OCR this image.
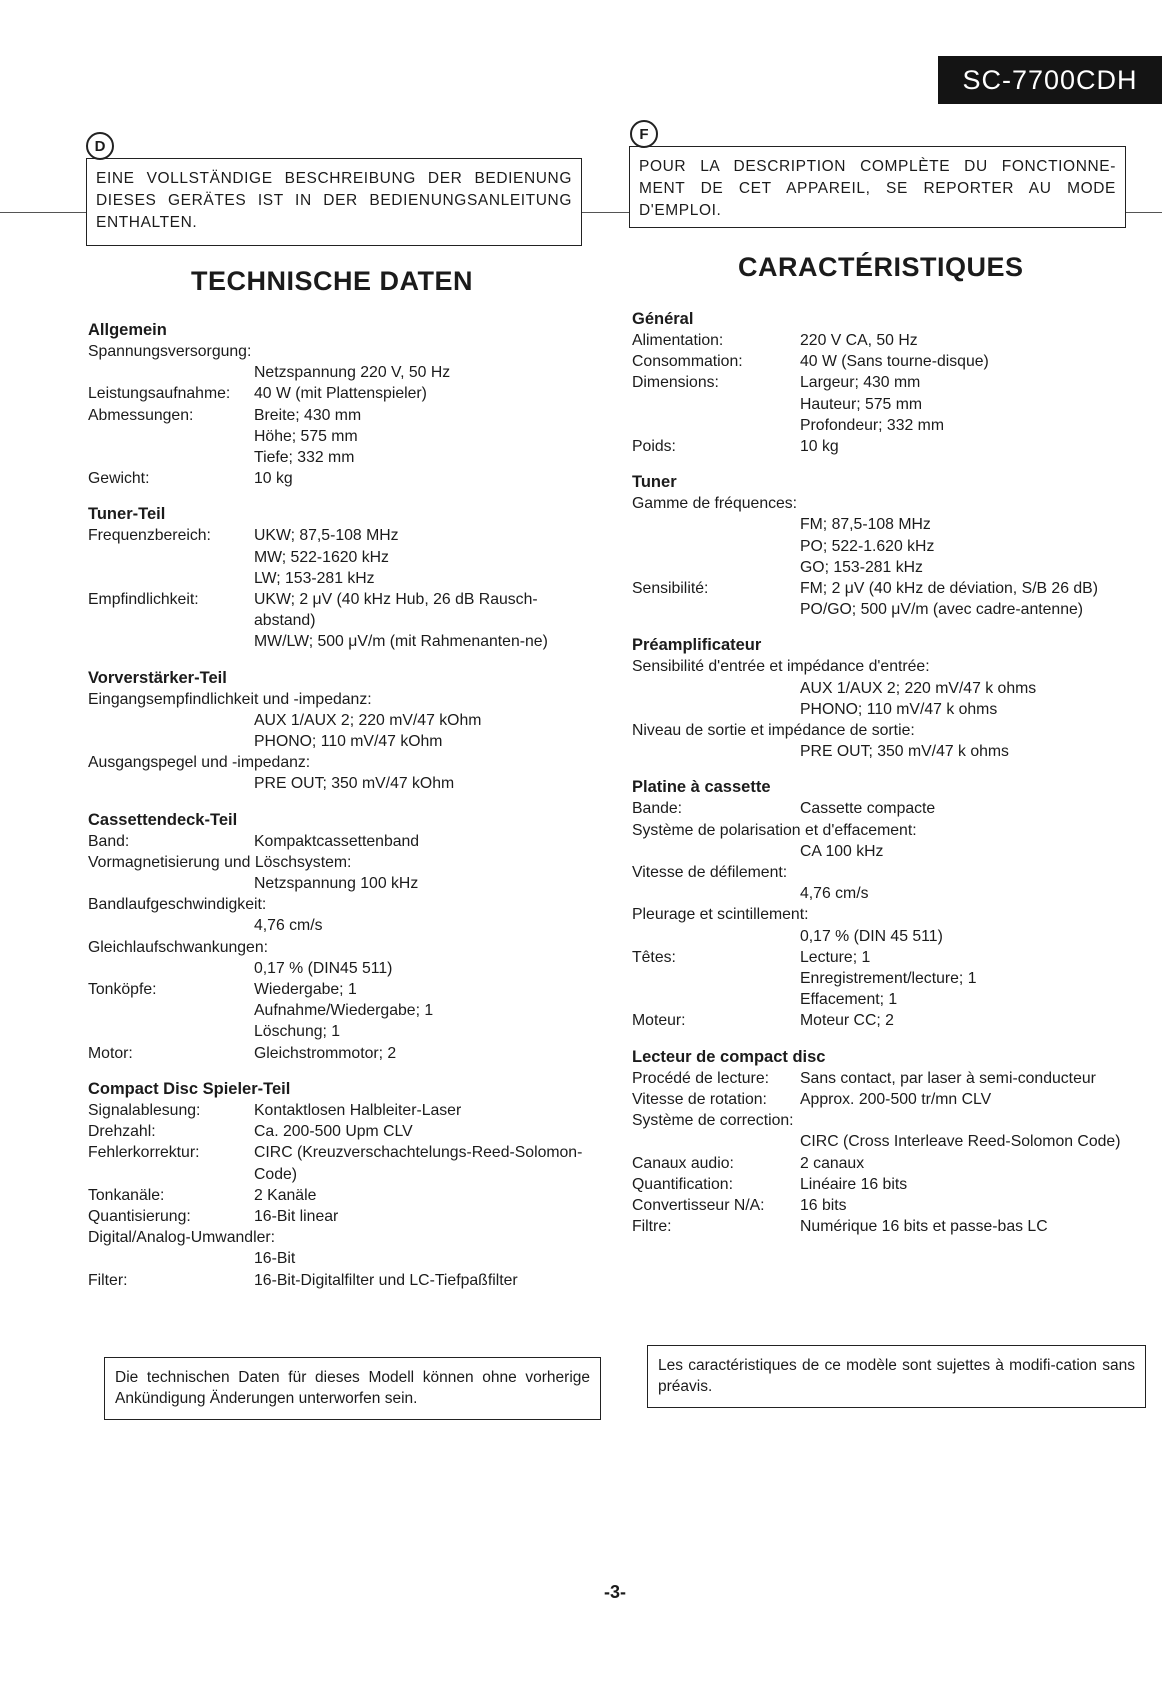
SC-7700CDH
D
F
EINE VOLLSTÄNDIGE BESCHREIBUNG DER BEDIENUNG DIESES GERÄTES IST IN DER BEDIENUNGSANLEITUNG ENTHALTEN.
POUR LA DESCRIPTION COMPLÈTE DU FONCTIONNE-MENT DE CET APPAREIL, SE REPORTER AU MODE D'EMPLOI.
TECHNISCHE DATEN	CARACTÉRISTIQUES
Allgemein
Spannungsversorgung:
Netzspannung 220 V, 50 Hz
Leistungsaufnahme:	40 W (mit Plattenspieler)
Abmessungen:	Breite; 430 mm
Höhe; 575 mm
Tiefe; 332 mm
Gewicht:	10 kg
Tuner-Teil
Frequenzbereich:	UKW; 87,5-108 MHz
MW; 522-1620 kHz
LW; 153-281 kHz
Empfindlichkeit:	UKW; 2 μV (40 kHz Hub, 26 dB Rausch-abstand)
MW/LW; 500 μV/m (mit Rahmenanten-ne)
Vorverstärker-Teil
Eingangsempfindlichkeit und -impedanz:
AUX 1/AUX 2; 220 mV/47 kOhm
PHONO; 110 mV/47 kOhm
Ausgangspegel und -impedanz:
PRE OUT; 350 mV/47 kOhm
Cassettendeck-Teil
Band:	Kompaktcassettenband
Vormagnetisierung und Löschsystem:
Netzspannung 100 kHz
Bandlaufgeschwindigkeit:
4,76 cm/s
Gleichlaufschwankungen:
0,17 % (DIN45 511)
Tonköpfe:	Wiedergabe; 1
Aufnahme/Wiedergabe; 1
Löschung; 1
Motor:	Gleichstrommotor; 2
Compact Disc Spieler-Teil
Signalablesung:	Kontaktlosen Halbleiter-Laser
Drehzahl:	Ca. 200-500 Upm CLV
Fehlerkorrektur:	CIRC (Kreuzverschachtelungs-Reed-Solomon-Code)
Tonkanäle:	2 Kanäle
Quantisierung:	16-Bit linear
Digital/Analog-Umwandler:
16-Bit
Filter:	16-Bit-Digitalfilter und LC-Tiefpaßfilter
Général
Alimentation:	220 V CA, 50 Hz
Consommation:	40 W (Sans tourne-disque)
Dimensions:	Largeur; 430 mm
Hauteur; 575 mm
Profondeur; 332 mm
Poids:	10 kg
Tuner
Gamme de fréquences:
FM; 87,5-108 MHz
PO; 522-1.620 kHz
GO; 153-281 kHz
Sensibilité:	FM; 2 μV (40 kHz de déviation, S/B 26 dB)
PO/GO; 500 μV/m (avec cadre-antenne)
Préamplificateur
Sensibilité d'entrée et impédance d'entrée:
AUX 1/AUX 2; 220 mV/47 k ohms
PHONO; 110 mV/47 k ohms
Niveau de sortie et impédance de sortie:
PRE OUT; 350 mV/47 k ohms
Platine à cassette
Bande:	Cassette compacte
Système de polarisation et d'effacement:
CA 100 kHz
Vitesse de défilement:
4,76 cm/s
Pleurage et scintillement:
0,17 % (DIN 45 511)
Têtes:	Lecture; 1
Enregistrement/lecture; 1
Effacement; 1
Moteur:	Moteur CC; 2
Lecteur de compact disc
Procédé de lecture:	Sans contact, par laser à semi-conducteur
Vitesse de rotation:	Approx. 200-500 tr/mn CLV
Système de correction:
CIRC (Cross Interleave Reed-Solomon Code)
Canaux audio:	2 canaux
Quantification:	Linéaire 16 bits
Convertisseur N/A:	16 bits
Filtre:	Numérique 16 bits et passe-bas LC
Die technischen Daten für dieses Modell können ohne vorherige Ankündigung Änderungen unterworfen sein.
Les caractéristiques de ce modèle sont sujettes à modifi-cation sans préavis.
-3-
